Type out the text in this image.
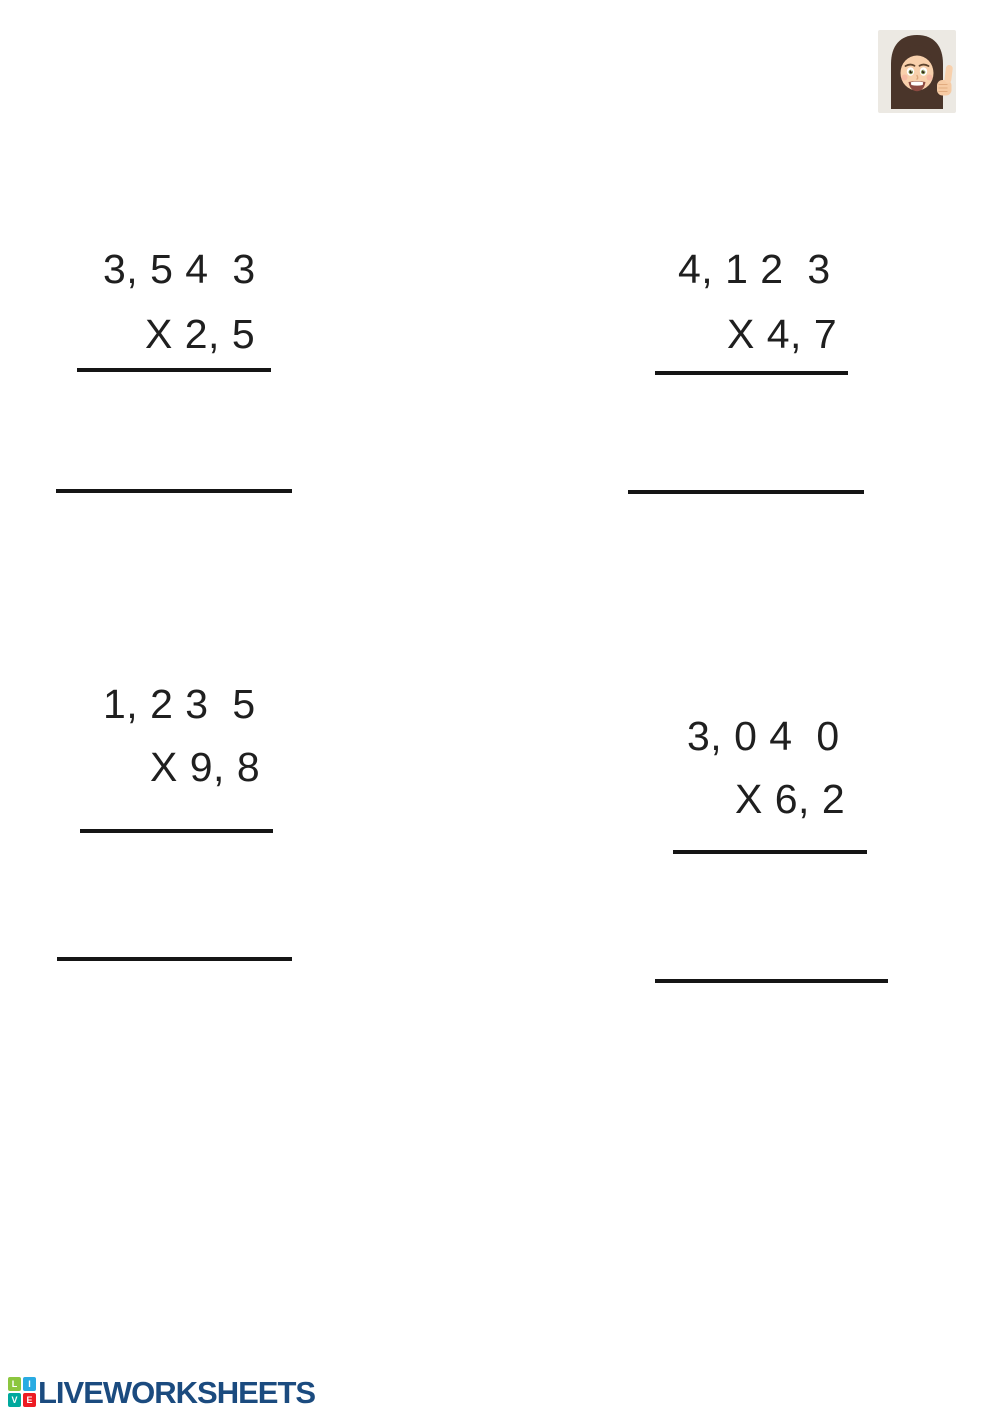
3, 5 4  3
X 2, 5
4, 1 2  3
X 4, 7
1, 2 3  5
X 9, 8
3, 0 4  0
X 6, 2
L	I
V E LIVEWORKSHEETS
